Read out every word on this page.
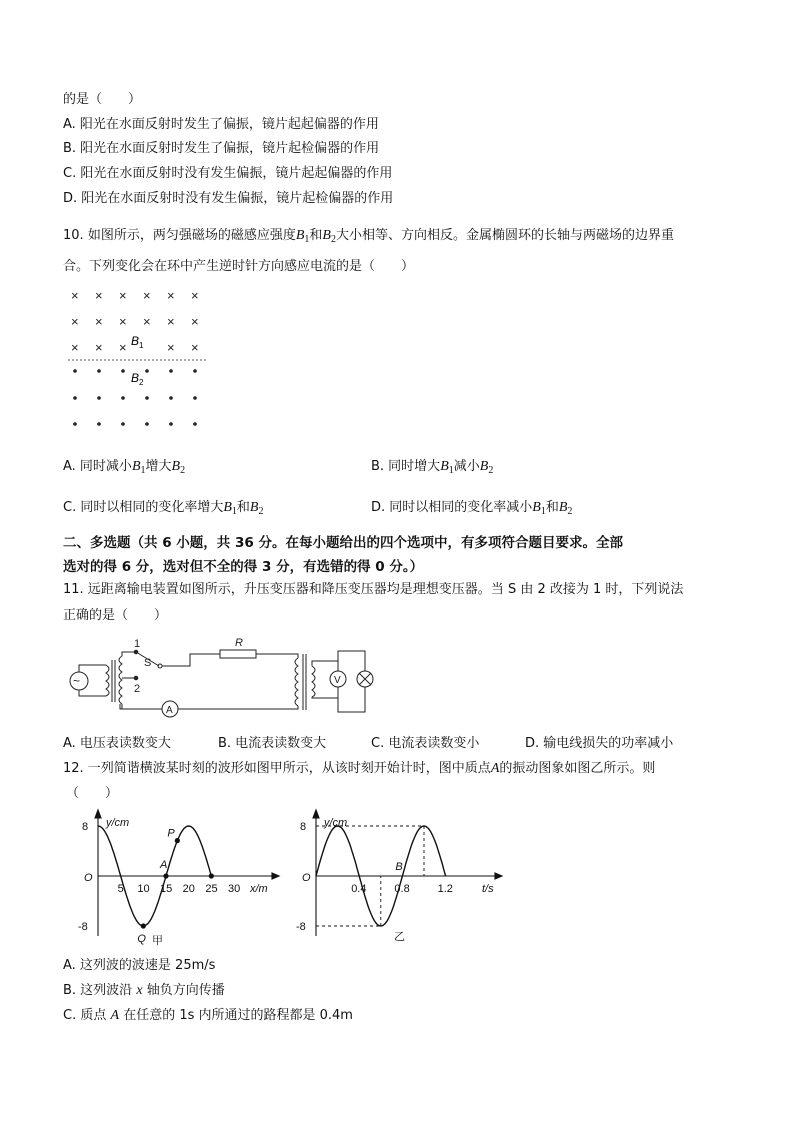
的是（　　）
A. 阳光在水面反射时发生了偏振，镜片起起偏器的作用
B. 阳光在水面反射时发生了偏振，镜片起检偏器的作用
C. 阳光在水面反射时没有发生偏振，镜片起起偏器的作用
D. 阳光在水面反射时没有发生偏振，镜片起检偏器的作用
10. 如图所示，两匀强磁场的磁感应强度$B_1$和$B_2$大小相等、方向相反。金属椭圆环的长轴与两磁场的边界重
合。下列变化会在环中产生逆时针方向感应电流的是（　　）
× × × × × ×
× × × × × ×
× × ×	× ×
$B_1$
$B_2$
A. 同时减小$B_1$增大$B_2$	B. 同时增大$B_1$减小$B_2$
C. 同时以相同的变化率增大$B_1$和$B_2$	D. 同时以相同的变化率减小$B_1$和$B_2$
二、多选题（共 6 小题，共 36 分。在每小题给出的四个选项中，有多项符合题目要求。全部
选对的得 6 分，选对但不全的得 3 分，有选错的得 0 分。）
11. 远距离输电装置如图所示，升压变压器和降压变压器均是理想变压器。当 S 由 2 改接为 1 时，下列说法
正确的是（　　）
~
1
2
S
R
A
V
A. 电压表读数变大	B. 电流表读数变大	C. 电流表读数变小	D. 输电线损失的功率减小
12. 一列简谐横波某时刻的波形如图甲所示，从该时刻开始计时，图中质点A的振动图象如图乙所示。则
（　　）
5 10 15 20 25 30
8
-8
y/cm
x/m
O
P
A
Q 甲
0.4	0.8	1.2
8
-8
y/cm
t/s
O
B
乙
A. 这列波的波速是 25m/s
B. 这列波沿 x 轴负方向传播
C. 质点 A 在任意的 1s 内所通过的路程都是 0.4m
